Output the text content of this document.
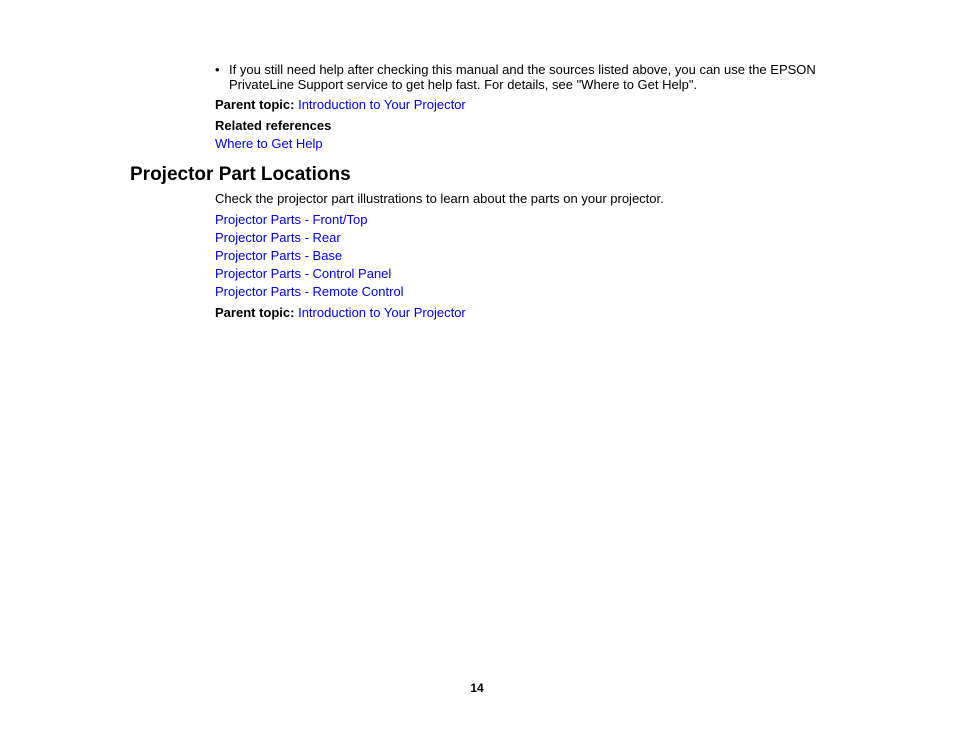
• If you still need help after checking this manual and the sources listed above, you can use the EPSON PrivateLine Support service to get help fast. For details, see "Where to Get Help".
Parent topic: Introduction to Your Projector
Related references
Where to Get Help
Projector Part Locations
Check the projector part illustrations to learn about the parts on your projector.
Projector Parts - Front/Top
Projector Parts - Rear
Projector Parts - Base
Projector Parts - Control Panel
Projector Parts - Remote Control
Parent topic: Introduction to Your Projector
14
